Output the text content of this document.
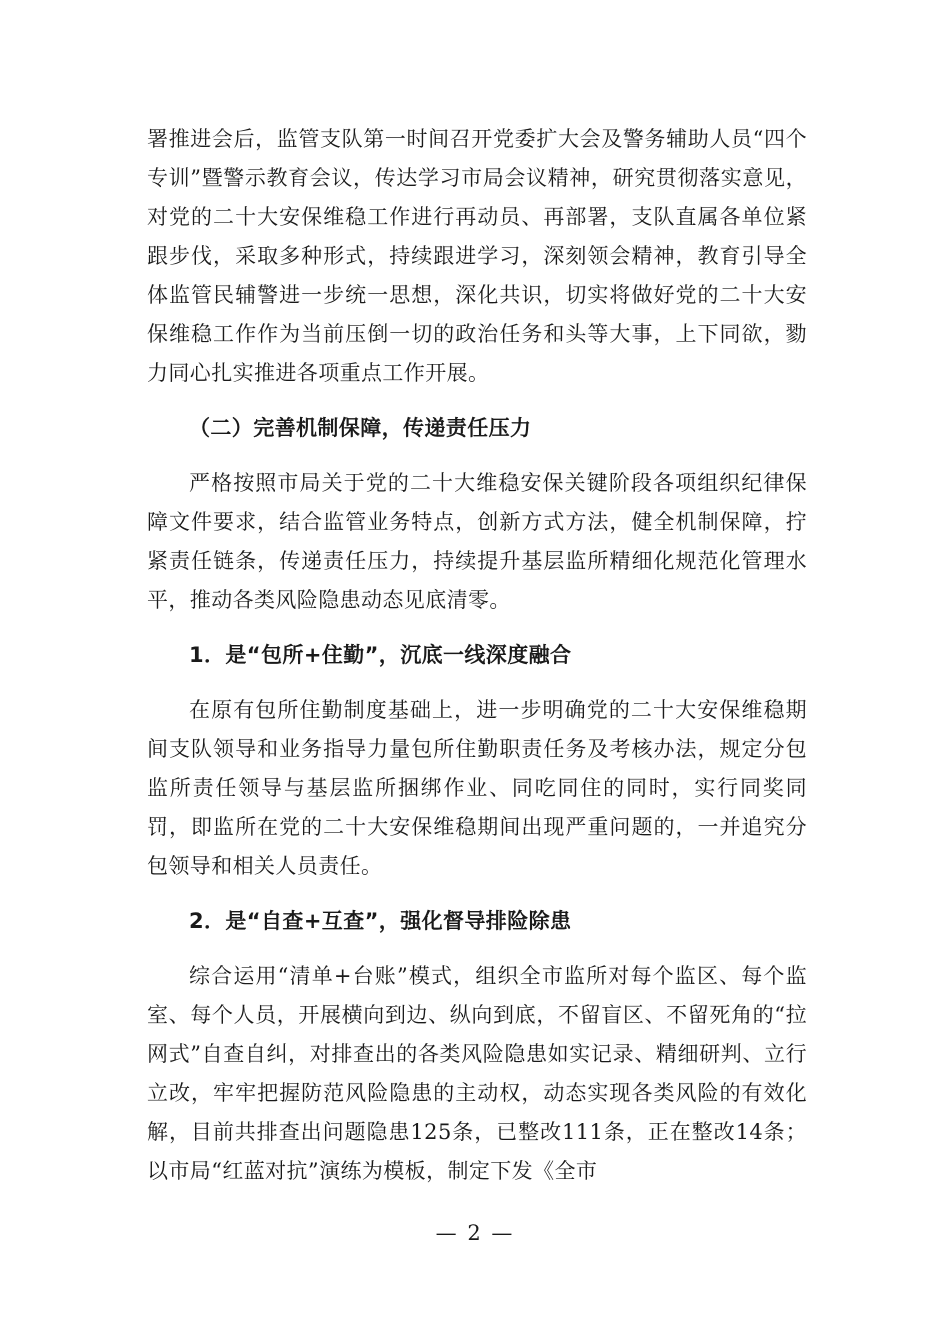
署推进会后，监管支队第一时间召开党委扩大会及警务辅助人员“四个专训”暨警示教育会议，传达学习市局会议精神，研究贯彻落实意见，对党的二十大安保维稳工作进行再动员、再部署，支队直属各单位紧跟步伐，采取多种形式，持续跟进学习，深刻领会精神，教育引导全体监管民辅警进一步统一思想，深化共识，切实将做好党的二十大安保维稳工作作为当前压倒一切的政治任务和头等大事，上下同欲，勠力同心扎实推进各项重点工作开展。

（二）完善机制保障，传递责任压力

严格按照市局关于党的二十大维稳安保关键阶段各项组织纪律保障文件要求，结合监管业务特点，创新方式方法，健全机制保障，拧紧责任链条，传递责任压力，持续提升基层监所精细化规范化管理水平，推动各类风险隐患动态见底清零。

1．是“包所+住勤”，沉底一线深度融合

在原有包所住勤制度基础上，进一步明确党的二十大安保维稳期间支队领导和业务指导力量包所住勤职责任务及考核办法，规定分包监所责任领导与基层监所捆绑作业、同吃同住的同时，实行同奖同罚，即监所在党的二十大安保维稳期间出现严重问题的，一并追究分包领导和相关人员责任。

2．是“自查+互查”，强化督导排险除患

综合运用“清单+台账”模式，组织全市监所对每个监区、每个监室、每个人员，开展横向到边、纵向到底，不留盲区、不留死角的“拉网式”自查自纠，对排查出的各类风险隐患如实记录、精细研判、立行立改，牢牢把握防范风险隐患的主动权，动态实现各类风险的有效化解，目前共排查出问题隐患125条，已整改111条，正在整改14条；以市局“红蓝对抗”演练为模板，制定下发《全市

— 2 —
